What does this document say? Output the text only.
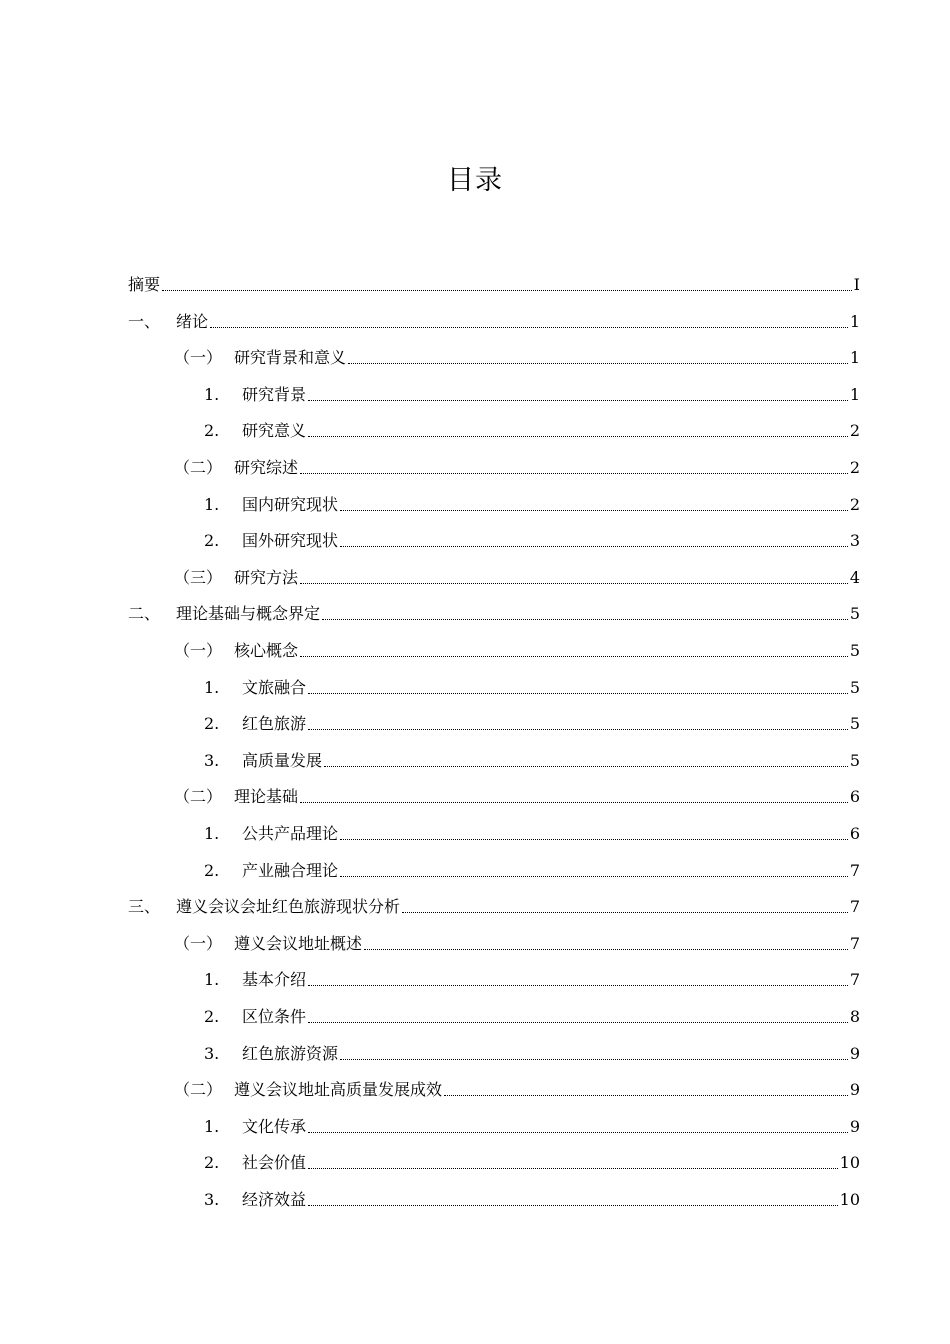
目录
摘要	I
一、 绪论	1
（一） 研究背景和意义	1
1.	研究背景	1
2.	研究意义	2
（二） 研究综述	2
1.	国内研究现状	2
2.	国外研究现状	3
（三） 研究方法	4
二、 理论基础与概念界定	5
（一） 核心概念	5
1.	文旅融合	5
2.	红色旅游	5
3.	高质量发展	5
（二） 理论基础	6
1.	公共产品理论	6
2.	产业融合理论	7
三、 遵义会议会址红色旅游现状分析	7
（一） 遵义会议地址概述	7
1.	基本介绍	7
2.	区位条件	8
3.	红色旅游资源	9
（二） 遵义会议地址高质量发展成效	9
1.	文化传承	9
2.	社会价值	10
3.	经济效益	10
